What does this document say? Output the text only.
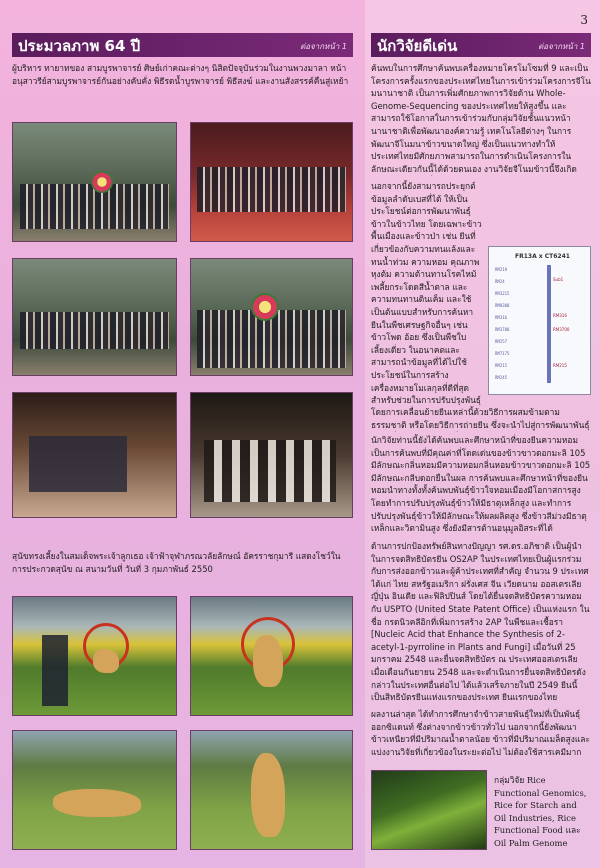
ประมวลภาพ 64 ปี	ต่อจากหน้า 1
ผู้บริหาร ทายาทของ สามบูรพาจารย์ ศิษย์เก่าคณะต่างๆ นิสิตปัจจุบันร่วมในงานพวงมาลา หน้าอนุสาวรีย์สามบูรพาจารย์กันอย่างคับคั่ง พิธีรดน้ำบูรพาจารย์ พิธีสงฆ์ และงานสังสรรค์คืนสู่เหย้า
สุนัขทรงเลี้ยงในสมเด็จพระเจ้าลูกเธอ เจ้าฟ้าจุฬาภรณวลัยลักษณ์ อัครราชกุมารี แสดงโชว์ในการประกวดสุนัข ณ สนามวันที่ วันที่ 3 กุมภาพันธ์ 2550
3
นักวิจัยดีเด่น	ต่อจากหน้า 1
ค้นพบในการศึกษาค้นพบเครื่องหมายโครโมโซมที่ 9 และเป็นโครงการครั้งแรกของประเทศไทยในการเข้าร่วมโครงการจีโนมนานาชาติ เป็นการเพิ่มศักยภาพการวิจัยด้าน Whole-Genome-Sequencing ของประเทศไทยให้สูงขึ้น และสามารถใช้โอกาสในการเข้าร่วมกับกลุ่มวิจัยชั้นแนวหน้านานาชาติเพื่อพัฒนาองค์ความรู้ เทคโนโลยีต่างๆ ในการพัฒนาจีโนมนาข้าวขนาดใหญ่ ซึ่งเป็นแนวทางทำให้ประเทศไทยมีศักยภาพสามารถในการดำเนินโครงการในลักษณะเดียวกันนี้ได้ด้วยตนเอง งานวิจัยจีโนมข้าวนี้จึงเกิด
นอกจากนี้ยังสามารถประยุกต์ข้อมูลลำดับเบสที่ได้ ให้เป็นประโยชน์ต่อการพัฒนาพันธุ์ข้าวในข้าวไทย โดยเฉพาะข้าวพื้นเมืองและข้าวป่า เช่น ยีนที่เกี่ยวข้องกับความทนแล้งและทนน้ำท่วม ความหอม คุณภาพหุงต้ม ความต้านทานโรคไหม้ เพลี้ยกระโดดสีน้ำตาล และความทนทานดินเค็ม และใช้เป็นต้นแบบสำหรับการค้นหายีนในพืชเศรษฐกิจอื่นๆ เช่น ข้าวโพด อ้อย ซึ่งเป็นพืชใบเลี้ยงเดี่ยว ในอนาคตและสามารถนำข้อมูลที่ได้ไปใช้ประโยชน์ในการสร้างเครื่องหมายโมเลกุลที่ดีที่สุด สำหรับช่วยในการปรับปรุงพันธุ์
FR13A x CT6241
RM219
RM24
RM3215
RM8300
RM316
RM3700
RM257
RM7175
RM215
RM245
Sub1
RM316
RM3700
RM215
โดยการเคลื่อนย้ายยีนเหล่านี้ด้วยวิธีการผสมข้ามตามธรรมชาติ หรือโดยวิธีการถ่ายยีน ซึ่งจะนำไปสู่การพัฒนาพันธุ์
นักวิจัยท่านนี้ยังได้ค้นพบและศึกษาหน้าที่ของยีนความหอมเป็นการค้นพบที่มีคุณค่าที่โดดเด่นของข้าวขาวดอกมะลิ 105 มีลักษณะกลิ่นหอมมีความหอมกลิ่นหอมข้าวขาวดอกมะลิ 105 มีลักษณะกลีบดอกยืนในผล การค้นพบและศึกษาหน้าที่ของยีนหอมนำทางทั้งทั้งค้นพบพันธุ์ข้าวใจหอมเมืองมีโอกาสการสูง โดยทำการปรับปรุงพันธุ์ข้าวให้มีธาตุเหล็กสูง และทำการปรับปรุงพันธุ์ข้าวให้มีลักษณะให้ผลผลิตสูง ซึ่งข้าวสีม่วงมีธาตุเหล็กและวิตามินสูง ซึ่งยังมีสารต้านอนุมูลอิสระที่ได้
ด้านการปกป้องทรัพย์สินทางปัญญา รศ.ดร.อภิชาติ เป็นผู้นำในการจดสิทธิบัตรยีน OS2AP ในประเทศไทยเป็นผู้แรกร่วมกับการส่งออกข้าวและผู้ค้าประเทศที่สำคัญ จำนวน 9 ประเทศ ได้แก่ ไทย สหรัฐอเมริกา ฝรั่งเศส จีน เวียดนาม ออสเตรเลีย ญี่ปุ่น อินเดีย และฟิลิปปินส์ โดยได้ยื่นจดสิทธิบัตรความหอม กับ USPTO (United State Patent Office) เป็นแห่งแรก ในชื่อ กรดนิวคลีอิกที่เพิ่มการสร้าง 2AP ในพืชและเชื้อรา [Nucleic Acid that Enhance the Synthesis of 2-acetyl-1-pyrroline in Plants and Fungi] เมื่อวันที่ 25 มกราคม 2548 และยื่นจดสิทธิบัตร ณ ประเทศออสเตรเลีย เมื่อเดือนกันยายน 2548 และจะดำเนินการยื่นจดสิทธิบัตรดังกล่าวในประเทศอื่นต่อไป ได้แล้วเสร็จภายในปี 2549 ยีนนี้เป็นสิทธิบัตรยีนแห่งแรกของประเทศ ยีนแรกของไทย
ผลงานล่าสุด ได้ทำการศึกษาจำข้าวสายพันธุ์ใหม่ที่เป็นพันธุ์ออกซิแดนท์ ซึ่งต่างจากข้าวข้าวทั่วไป นอกจากนี้ยังพัฒนาข้าวเหนียวที่มีปริมาณน้ำตาลน้อย ข้าวที่มีปริมาณเมล็ดสูงและแบ่งงานวิจัยที่เกี่ยวข้องในระยะต่อไป ไม่ต้องใช้สารเคมีมาก
กลุ่มวิจัย Rice Functional Genomics, Rice for Starch and Oil Industries, Rice Functional Food และ Oil Palm Genome
